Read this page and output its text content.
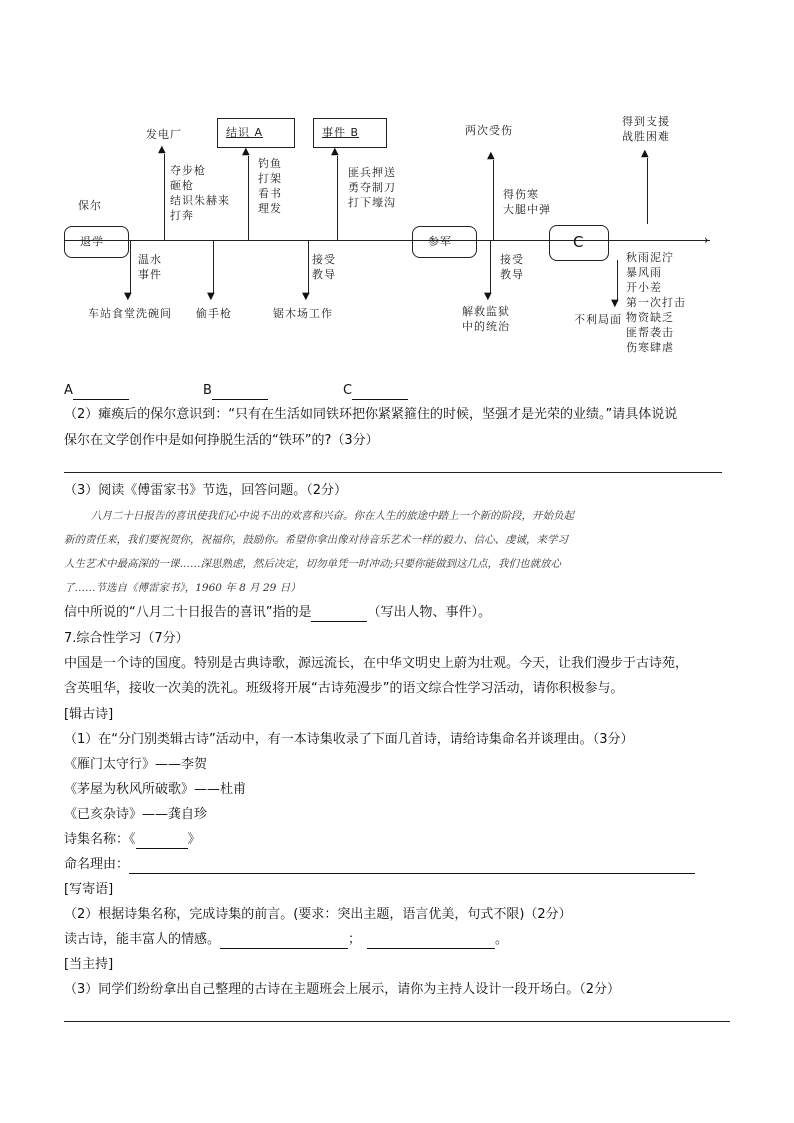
›
保尔
退学	参军	C
结识 A	事件 B
▲	▲	▲	▲	▲
▼	▼	▼	▼
▼
发电厂
夺步枪
砸枪
结识朱赫来
打奔
钓鱼
打架
看书
理发
匪兵押送
勇夺制刀
打下壕沟
两次受伤
得伤寒
大腿中弹
得到支援
战胜困难
温水
事件
车站食堂洗碗间 偷手枪
接受
教导
锯木场工作
接受
教导
解救监狱
中的统治
不利局面
秋雨泥泞
暴风雨
开小差
第一次打击
物资缺乏
匪帮袭击
伤寒肆虐
A	B	C
（2）瘫痪后的保尔意识到：“只有在生活如同铁环把你紧紧箍住的时候，坚强才是光荣的业绩。”请具体说说
保尔在文学创作中是如何挣脱生活的“铁环”的?（3分）
（3）阅读《傅雷家书》节选，回答问题。（2分）
八月二十日报告的喜讯使我们心中说不出的欢喜和兴奋。你在人生的旅途中踏上一个新的阶段，开始负起
新的责任来，我们要祝贺你，祝福你，鼓励你。希望你拿出像对待音乐艺术一样的毅力、信心、虔诚，来学习
人生艺术中最高深的一课……深思熟虑，然后决定，切勿单凭一时冲动;只要你能做到这几点，我们也就放心
了……节选自《傅雷家书》，1960 年 8 月 29 日）
信中所说的“八月二十日报告的喜讯”指的是	（写出人物、事件）。
7.综合性学习（7分）
中国是一个诗的国度。特别是古典诗歌，源远流长，在中华文明史上蔚为壮观。今天，让我们漫步于古诗苑，
含英咀华，接收一次美的洗礼。班级将开展“古诗苑漫步”的语文综合性学习活动，请你积极参与。
[辑古诗]
（1）在“分门别类辑古诗”活动中，有一本诗集收录了下面几首诗，请给诗集命名并谈理由。（3分）
《雁门太守行》——李贺
《茅屋为秋风所破歌》——杜甫
《已亥杂诗》——龚自珍
诗集名称：《	》
命名理由：
[写寄语]
（2）根据诗集名称，完成诗集的前言。(要求：突出主题，语言优美，句式不限)（2分）
读古诗，能丰富人的情感。	；	。
[当主持]
（3）同学们纷纷拿出自己整理的古诗在主题班会上展示，请你为主持人设计一段开场白。（2分）
